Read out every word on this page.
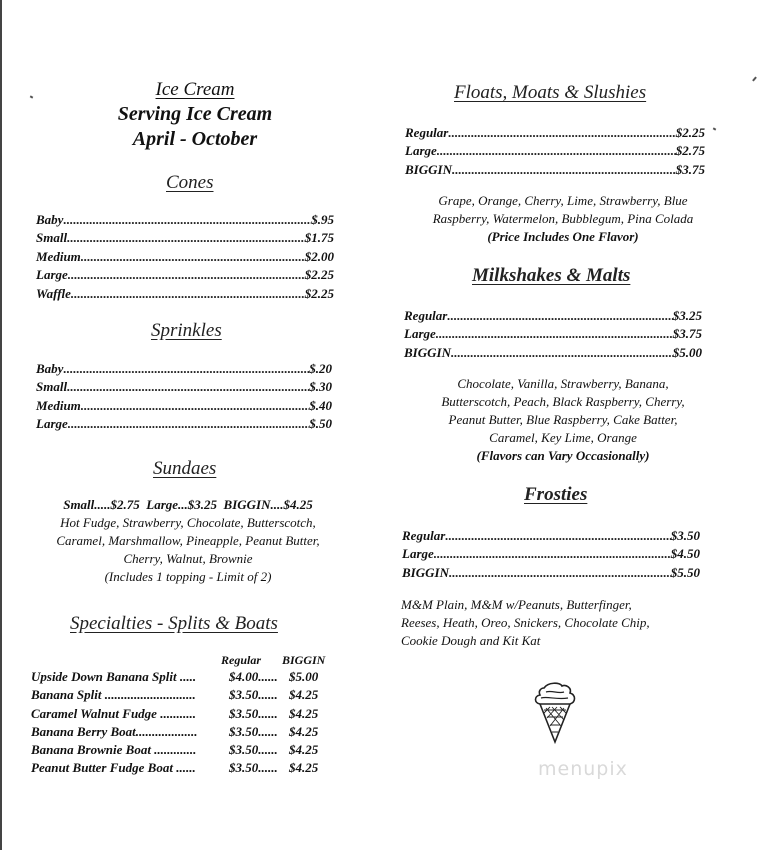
Ice Cream
Serving Ice Cream
April - October
Cones
Baby .....	$.95
Small .....	$1.75
Medium .....	$2.00
Large .....	$2.25
Waffle .....	$2.25
Sprinkles
Baby .....	$.20
Small .....	$.30
Medium .....	$.40
Large .....	$.50
Sundaes
Small.....$2.75  Large...$3.25  BIGGIN....$4.25
Hot Fudge, Strawberry, Chocolate, Butterscotch,
Caramel, Marshmallow, Pineapple, Peanut Butter,
Cherry, Walnut, Brownie
(Includes 1 topping - Limit of 2)
Specialties - Splits & Boats
Regular BIGGIN
Upside Down Banana Split .....	$4.00...... $5.00
Banana Split ............................	$3.50...... $4.25
Caramel Walnut Fudge ...........	$3.50...... $4.25
Banana Berry Boat...................	$3.50...... $4.25
Banana Brownie Boat .............	$3.50...... $4.25
Peanut Butter Fudge Boat ......	$3.50...... $4.25
Floats, Moats & Slushies
Regular .....	$2.25
Large .....	$2.75
BIGGIN .....	$3.75
Grape, Orange, Cherry, Lime, Strawberry, Blue
Raspberry, Watermelon, Bubblegum, Pina Colada
(Price Includes One Flavor)
Milkshakes & Malts
Regular .....	$3.25
Large .....	$3.75
BIGGIN .....	$5.00
Chocolate, Vanilla, Strawberry, Banana,
Butterscotch, Peach, Black Raspberry, Cherry,
Peanut Butter, Blue Raspberry, Cake Batter,
Caramel, Key Lime, Orange
(Flavors can Vary Occasionally)
Frosties
Regular .....	$3.50
Large .....	$4.50
BIGGIN .....	$5.50
M&M Plain, M&M w/Peanuts, Butterfinger,
Reeses, Heath, Oreo, Snickers, Chocolate Chip,
Cookie Dough and Kit Kat
menupix
